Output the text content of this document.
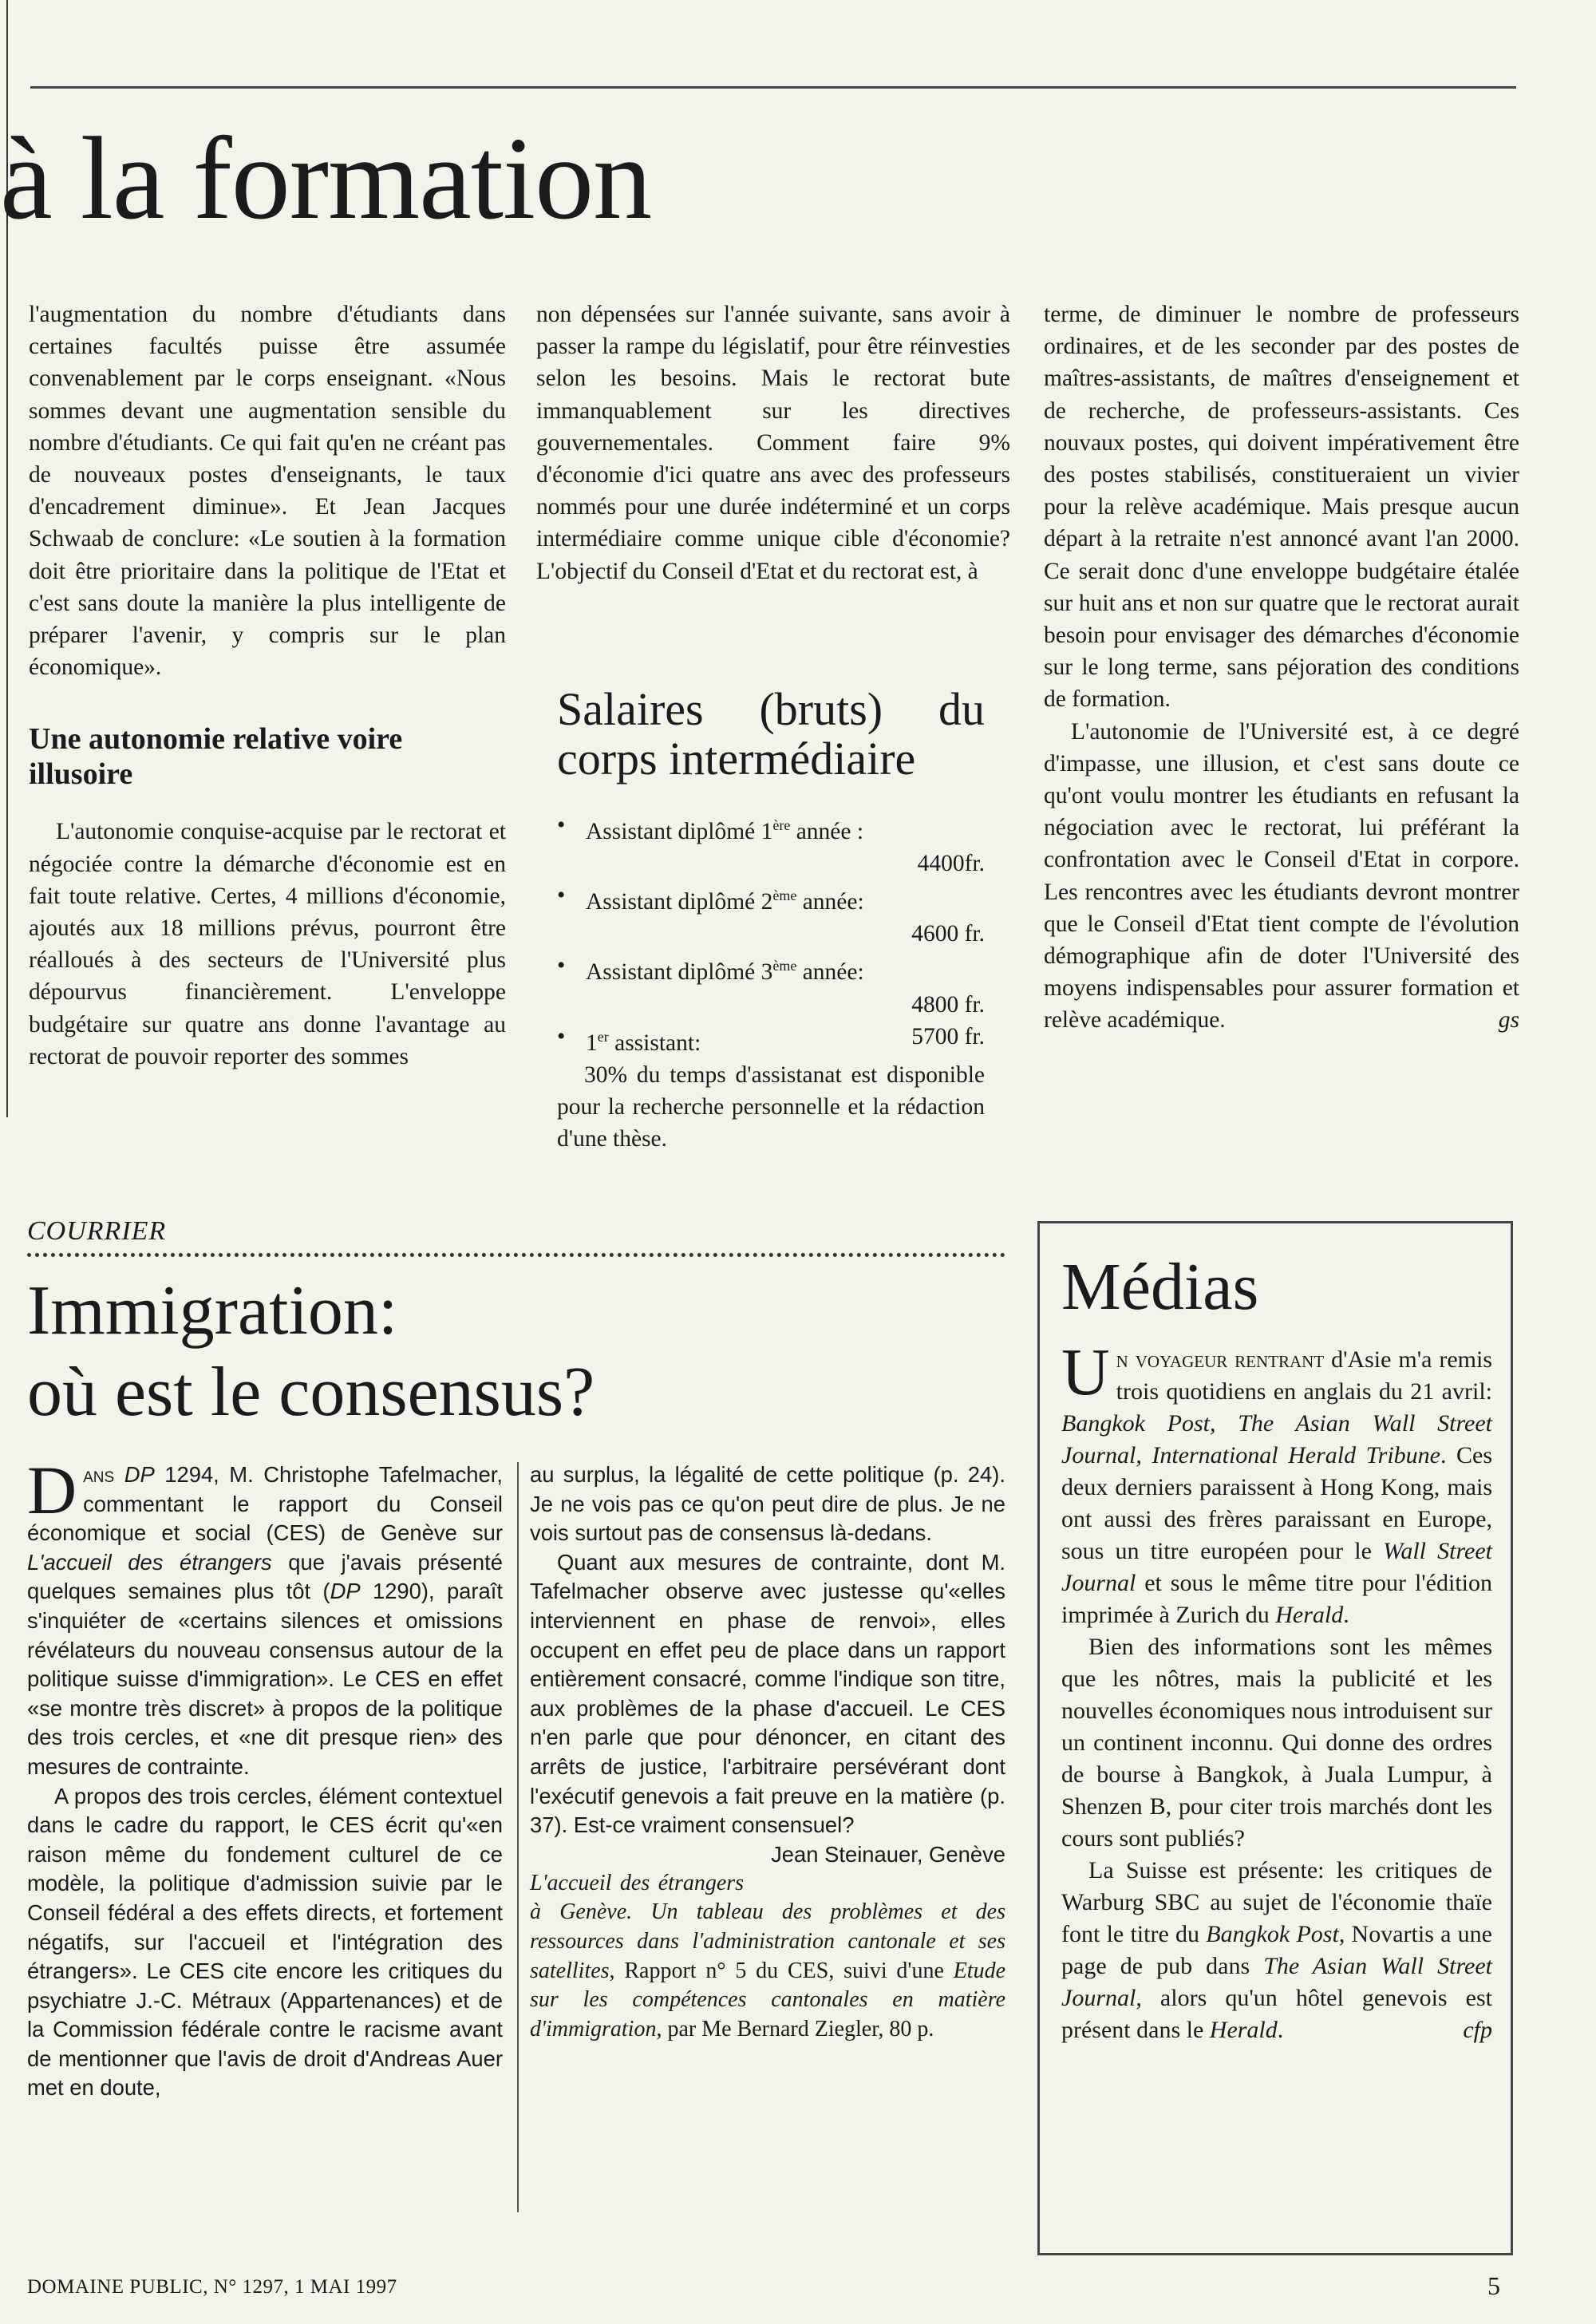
à la formation

l'augmentation du nombre d'étudiants dans certaines facultés puisse être assumée convenablement par le corps enseignant. «Nous sommes devant une augmentation sensible du nombre d'étudiants. Ce qui fait qu'en ne créant pas de nouveaux postes d'enseignants, le taux d'encadrement diminue». Et Jean Jacques Schwaab de conclure: «Le soutien à la formation doit être prioritaire dans la politique de l'Etat et c'est sans doute la manière la plus intelligente de préparer l'avenir, y compris sur le plan économique».

Une autonomie relative voire illusoire

L'autonomie conquise-acquise par le rectorat et négociée contre la démarche d'économie est en fait toute relative. Certes, 4 millions d'économie, ajoutés aux 18 millions prévus, pourront être réalloués à des secteurs de l'Université plus dépourvus financièrement. L'enveloppe budgétaire sur quatre ans donne l'avantage au rectorat de pouvoir reporter des sommes

non dépensées sur l'année suivante, sans avoir à passer la rampe du législatif, pour être réinvesties selon les besoins. Mais le rectorat bute immanquablement sur les directives gouvernementales. Comment faire 9% d'économie d'ici quatre ans avec des professeurs nommés pour une durée indéterminé et un corps intermédiaire comme unique cible d'économie? L'objectif du Conseil d'Etat et du rectorat est, à

Salaires (bruts) du corps intermédiaire
• Assistant diplômé 1ère année :
4400fr.
• Assistant diplômé 2ème année:
4600 fr.
• Assistant diplômé 3ème année:
4800 fr.
• 1er assistant:	5700 fr.

30% du temps d'assistanat est disponible pour la recherche personnelle et la rédaction d'une thèse.

terme, de diminuer le nombre de professeurs ordinaires, et de les seconder par des postes de maîtres-assistants, de maîtres d'enseignement et de recherche, de professeurs-assistants. Ces nouvaux postes, qui doivent impérativement être des postes stabilisés, constitueraient un vivier pour la relève académique. Mais presque aucun départ à la retraite n'est annoncé avant l'an 2000. Ce serait donc d'une enveloppe budgétaire étalée sur huit ans et non sur quatre que le rectorat aurait besoin pour envisager des démarches d'économie sur le long terme, sans péjoration des conditions de formation.

L'autonomie de l'Université est, à ce degré d'impasse, une illusion, et c'est sans doute ce qu'ont voulu montrer les étudiants en refusant la négociation avec le rectorat, lui préférant la confrontation avec le Conseil d'Etat in corpore. Les rencontres avec les étudiants devront montrer que le Conseil d'Etat tient compte de l'évolution démographique afin de doter l'Université des moyens indispensables pour assurer formation et relève académique.	gs

COURRIER
Immigration:
où est le consensus?

Dans DP 1294, M. Christophe Tafelmacher, commentant le rapport du Conseil économique et social (CES) de Genève sur L'accueil des étrangers que j'avais présenté quelques semaines plus tôt (DP 1290), paraît s'inquiéter de «certains silences et omissions révélateurs du nouveau consensus autour de la politique suisse d'immigration». Le CES en effet «se montre très discret» à propos de la politique des trois cercles, et «ne dit presque rien» des mesures de contrainte.

A propos des trois cercles, élément contextuel dans le cadre du rapport, le CES écrit qu'«en raison même du fondement culturel de ce modèle, la politique d'admission suivie par le Conseil fédéral a des effets directs, et fortement négatifs, sur l'accueil et l'intégration des étrangers». Le CES cite encore les critiques du psychiatre J.-C. Métraux (Appartenances) et de la Commission fédérale contre le racisme avant de mentionner que l'avis de droit d'Andreas Auer met en doute,

au surplus, la légalité de cette politique (p. 24). Je ne vois pas ce qu'on peut dire de plus. Je ne vois surtout pas de consensus là-dedans.

Quant aux mesures de contrainte, dont M. Tafelmacher observe avec justesse qu'«elles interviennent en phase de renvoi», elles occupent en effet peu de place dans un rapport entièrement consacré, comme l'indique son titre, aux problèmes de la phase d'accueil. Le CES n'en parle que pour dénoncer, en citant des arrêts de justice, l'arbitraire persévérant dont l'exécutif genevois a fait preuve en la matière (p. 37). Est-ce vraiment consensuel?
Jean Steinauer, Genève

L'accueil des étrangers à Genève. Un tableau des problèmes et des ressources dans l'administration cantonale et ses satellites, Rapport n° 5 du CES, suivi d'une Etude sur les compétences cantonales en matière d'immigration, par Me Bernard Ziegler, 80 p.

Médias

Un voyageur rentrant d'Asie m'a remis trois quotidiens en anglais du 21 avril: Bangkok Post, The Asian Wall Street Journal, International Herald Tribune. Ces deux derniers paraissent à Hong Kong, mais ont aussi des frères paraissant en Europe, sous un titre européen pour le Wall Street Journal et sous le même titre pour l'édition imprimée à Zurich du Herald.

Bien des informations sont les mêmes que les nôtres, mais la publicité et les nouvelles économiques nous introduisent sur un continent inconnu. Qui donne des ordres de bourse à Bangkok, à Juala Lumpur, à Shenzen B, pour citer trois marchés dont les cours sont publiés?

La Suisse est présente: les critiques de Warburg SBC au sujet de l'économie thaïe font le titre du Bangkok Post, Novartis a une page de pub dans The Asian Wall Street Journal, alors qu'un hôtel genevois est présent dans le Herald.	cfp

DOMAINE PUBLIC, N° 1297, 1 MAI 1997	5
